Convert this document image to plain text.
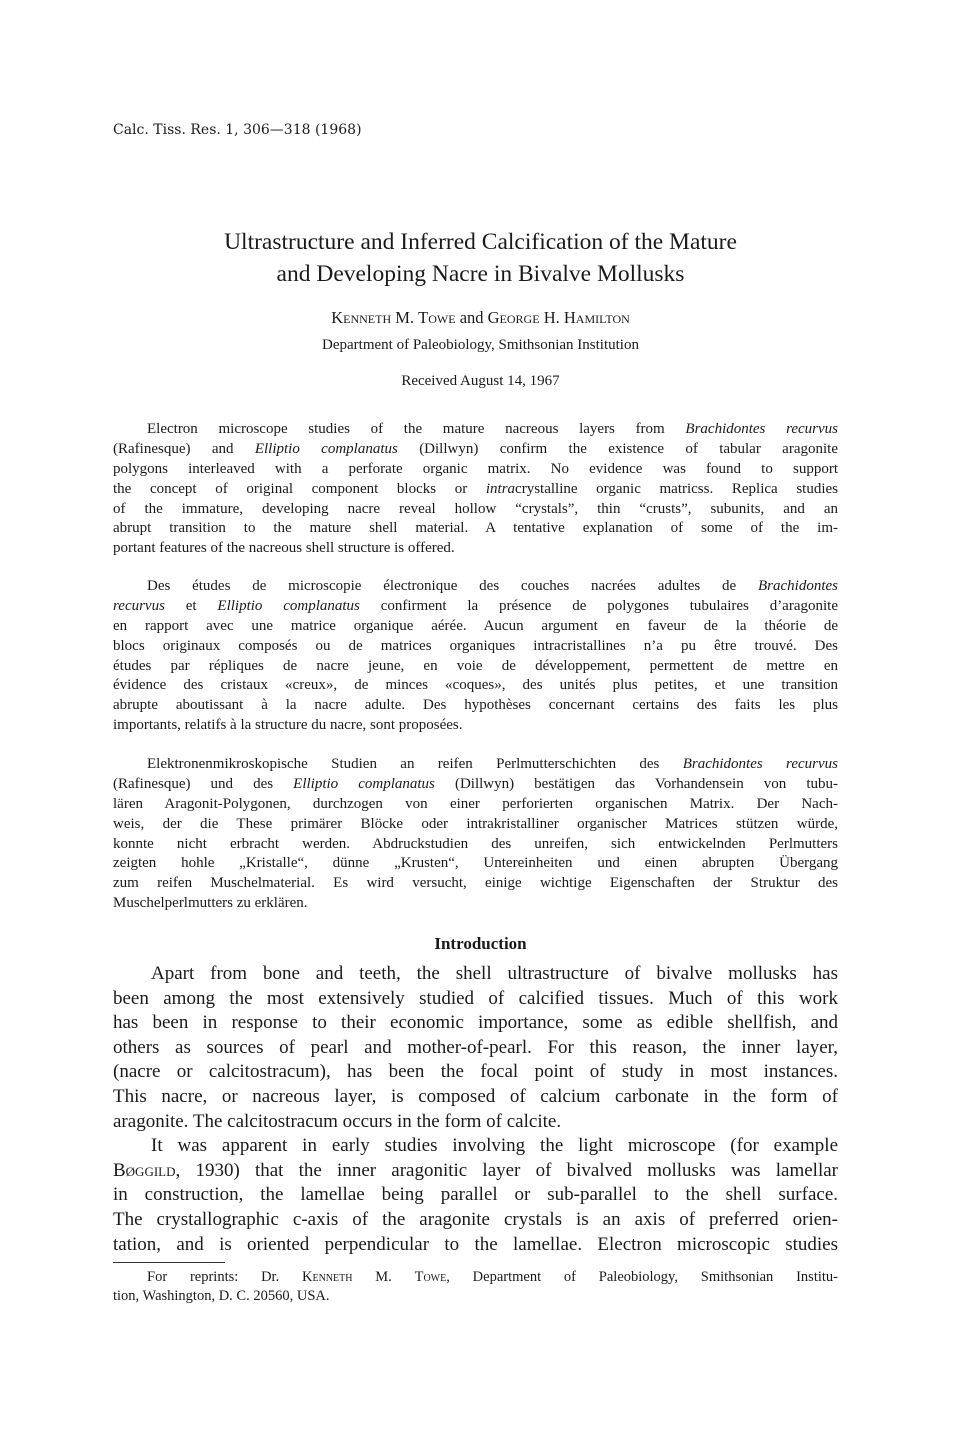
Calc. Tiss. Res. 1, 306—318 (1968)
Ultrastructure and Inferred Calcification of the Mature
and Developing Nacre in Bivalve Mollusks
Kenneth M. Towe and George H. Hamilton
Department of Paleobiology, Smithsonian Institution
Received August 14, 1967
Electron microscope studies of the mature nacreous layers from Brachidontes recurvus
(Rafinesque) and Elliptio complanatus (Dillwyn) confirm the existence of tabular aragonite
polygons interleaved with a perforate organic matrix. No evidence was found to support
the concept of original component blocks or intracrystalline organic matricss. Replica studies
of the immature, developing nacre reveal hollow “crystals”, thin “crusts”, subunits, and an
abrupt transition to the mature shell material. A tentative explanation of some of the im-
portant features of the nacreous shell structure is offered.
Des études de microscopie électronique des couches nacrées adultes de Brachidontes
recurvus et Elliptio complanatus confirment la présence de polygones tubulaires d’aragonite
en rapport avec une matrice organique aérée. Aucun argument en faveur de la théorie de
blocs originaux composés ou de matrices organiques intracristallines n’a pu être trouvé. Des
études par répliques de nacre jeune, en voie de développement, permettent de mettre en
évidence des cristaux «creux», de minces «coques», des unités plus petites, et une transition
abrupte aboutissant à la nacre adulte. Des hypothèses concernant certains des faits les plus
importants, relatifs à la structure du nacre, sont proposées.
Elektronenmikroskopische Studien an reifen Perlmutterschichten des Brachidontes recurvus
(Rafinesque) und des Elliptio complanatus (Dillwyn) bestätigen das Vorhandensein von tubu-
lären Aragonit-Polygonen, durchzogen von einer perforierten organischen Matrix. Der Nach-
weis, der die These primärer Blöcke oder intrakristalliner organischer Matrices stützen würde,
konnte nicht erbracht werden. Abdruckstudien des unreifen, sich entwickelnden Perlmutters
zeigten hohle „Kristalle“, dünne „Krusten“, Untereinheiten und einen abrupten Übergang
zum reifen Muschelmaterial. Es wird versucht, einige wichtige Eigenschaften der Struktur des
Muschelperlmutters zu erklären.
Introduction
Apart from bone and teeth, the shell ultrastructure of bivalve mollusks has
been among the most extensively studied of calcified tissues. Much of this work
has been in response to their economic importance, some as edible shellfish, and
others as sources of pearl and mother-of-pearl. For this reason, the inner layer,
(nacre or calcitostracum), has been the focal point of study in most instances.
This nacre, or nacreous layer, is composed of calcium carbonate in the form of
aragonite. The calcitostracum occurs in the form of calcite.
It was apparent in early studies involving the light microscope (for example
Bøggild, 1930) that the inner aragonitic layer of bivalved mollusks was lamellar
in construction, the lamellae being parallel or sub-parallel to the shell surface.
The crystallographic c-axis of the aragonite crystals is an axis of preferred orien-
tation, and is oriented perpendicular to the lamellae. Electron microscopic studies
For reprints: Dr. Kenneth M. Towe, Department of Paleobiology, Smithsonian Institu-
tion, Washington, D. C. 20560, USA.
